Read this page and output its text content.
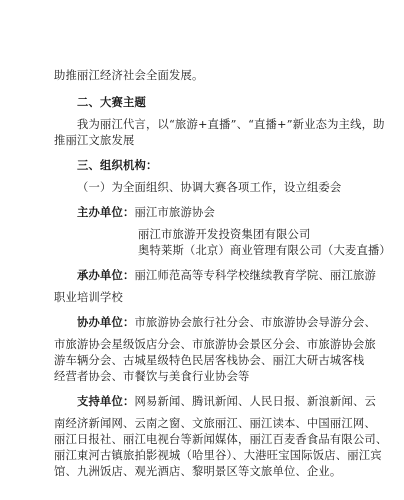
助推丽江经济社会全面发展。
二、大赛主题
我为丽江代言，以“旅游+直播”、“直播+”新业态为主线，助
推丽江文旅发展
三、组织机构：
（一）为全面组织、协调大赛各项工作，设立组委会
主办单位：丽江市旅游协会
丽江市旅游开发投资集团有限公司
奥特莱斯（北京）商业管理有限公司（大麦直播）
承办单位：丽江师范高等专科学校继续教育学院、丽江旅游
职业培训学校
协办单位：市旅游协会旅行社分会、市旅游协会导游分会、
市旅游协会星级饭店分会、市旅游协会景区分会、市旅游协会旅
游车辆分会、古城星级特色民居客栈协会、丽江大研古城客栈
经营者协会、市餐饮与美食行业协会等
支持单位：网易新闻、腾讯新闻、人民日报、新浪新闻、云
南经济新闻网、云南之窗、文旅丽江、丽江读本、中国丽江网、
丽江日报社、丽江电视台等新闻媒体，丽江百麦香食品有限公司、
丽江東河古镇旅拍影视城（哈里谷）、大港旺宝国际饭店、丽江宾
馆、九洲饭店、观光酒店、黎明景区等文旅单位、企业。
